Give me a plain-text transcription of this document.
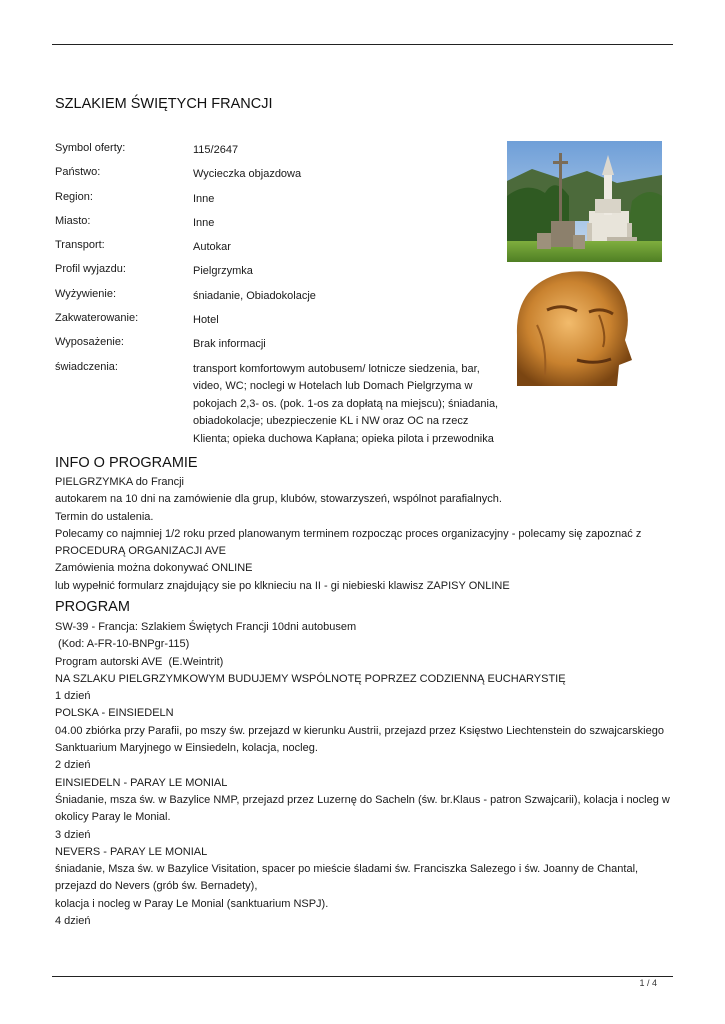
SZLAKIEM ŚWIĘTYCH FRANCJI
Symbol oferty:	115/2647
Państwo:	Wycieczka objazdowa
Region:	Inne
Miasto:	Inne
Transport:	Autokar
Profil wyjazdu:	Pielgrzymka
Wyżywienie:	śniadanie, Obiadokolacje
Zakwaterowanie:	Hotel
Wyposażenie:	Brak informacji
świadczenia:	transport komfortowym autobusem/ lotnicze siedzenia, bar,
video, WC; noclegi w Hotelach lub Domach Pielgrzyma w
pokojach 2,3- os. (pok. 1-os za dopłatą na miejscu); śniadania,
obiadokolacje; ubezpieczenie KL i NW oraz OC na rzecz
Klienta; opieka duchowa Kapłana; opieka pilota i przewodnika
INFO O PROGRAMIE
PIELGRZYMKA do Francji
autokarem na 10 dni na zamówienie dla grup, klubów, stowarzyszeń, wspólnot parafialnych.
Termin do ustalenia.
Polecamy co najmniej 1/2 roku przed planowanym terminem rozpocząc proces organizacyjny - polecamy się zapoznać z
PROCEDURĄ ORGANIZACJI AVE
Zamówienia można dokonywać ONLINE
lub wypełnić formularz znajdujący sie po klknieciu na II - gi niebieski klawisz ZAPISY ONLINE
PROGRAM
SW-39 - Francja: Szlakiem Świętych Francji 10dni autobusem
(Kod: A-FR-10-BNPgr-115)
Program autorski AVE  (E.Weintrit)
NA SZLAKU PIELGRZYMKOWYM BUDUJEMY WSPÓLNOTĘ POPRZEZ CODZIENNĄ EUCHARYSTIĘ
1 dzień
POLSKA - EINSIEDELN
04.00 zbiórka przy Parafii, po mszy św. przejazd w kierunku Austrii, przejazd przez Księstwo Liechtenstein do szwajcarskiego
Sanktuarium Maryjnego w Einsiedeln, kolacja, nocleg.
2 dzień
EINSIEDELN - PARAY LE MONIAL
Śniadanie, msza św. w Bazylice NMP, przejazd przez Luzernę do Sacheln (św. br.Klaus - patron Szwajcarii), kolacja i nocleg w
okolicy Paray le Monial.
3 dzień
NEVERS - PARAY LE MONIAL
śniadanie, Msza św. w Bazylice Visitation, spacer po mieście śladami św. Franciszka Salezego i św. Joanny de Chantal,
przejazd do Nevers (grób św. Bernadety),
kolacja i nocleg w Paray Le Monial (sanktuarium NSPJ).
4 dzień
1 / 4
